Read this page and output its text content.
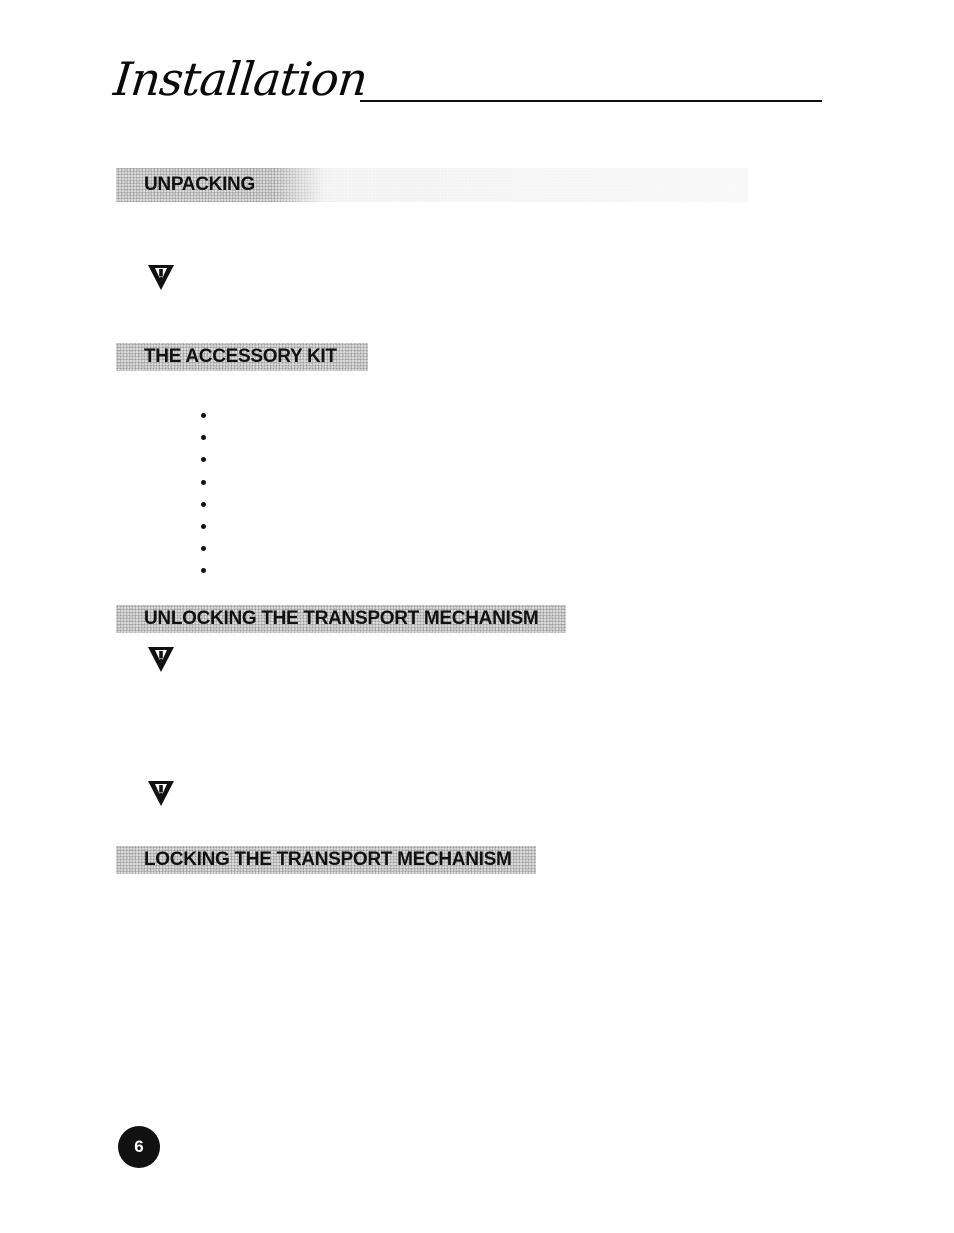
Installation
UNPACKING
THE ACCESSORY KIT
UNLOCKING THE TRANSPORT MECHANISM
LOCKING THE TRANSPORT MECHANISM
6
